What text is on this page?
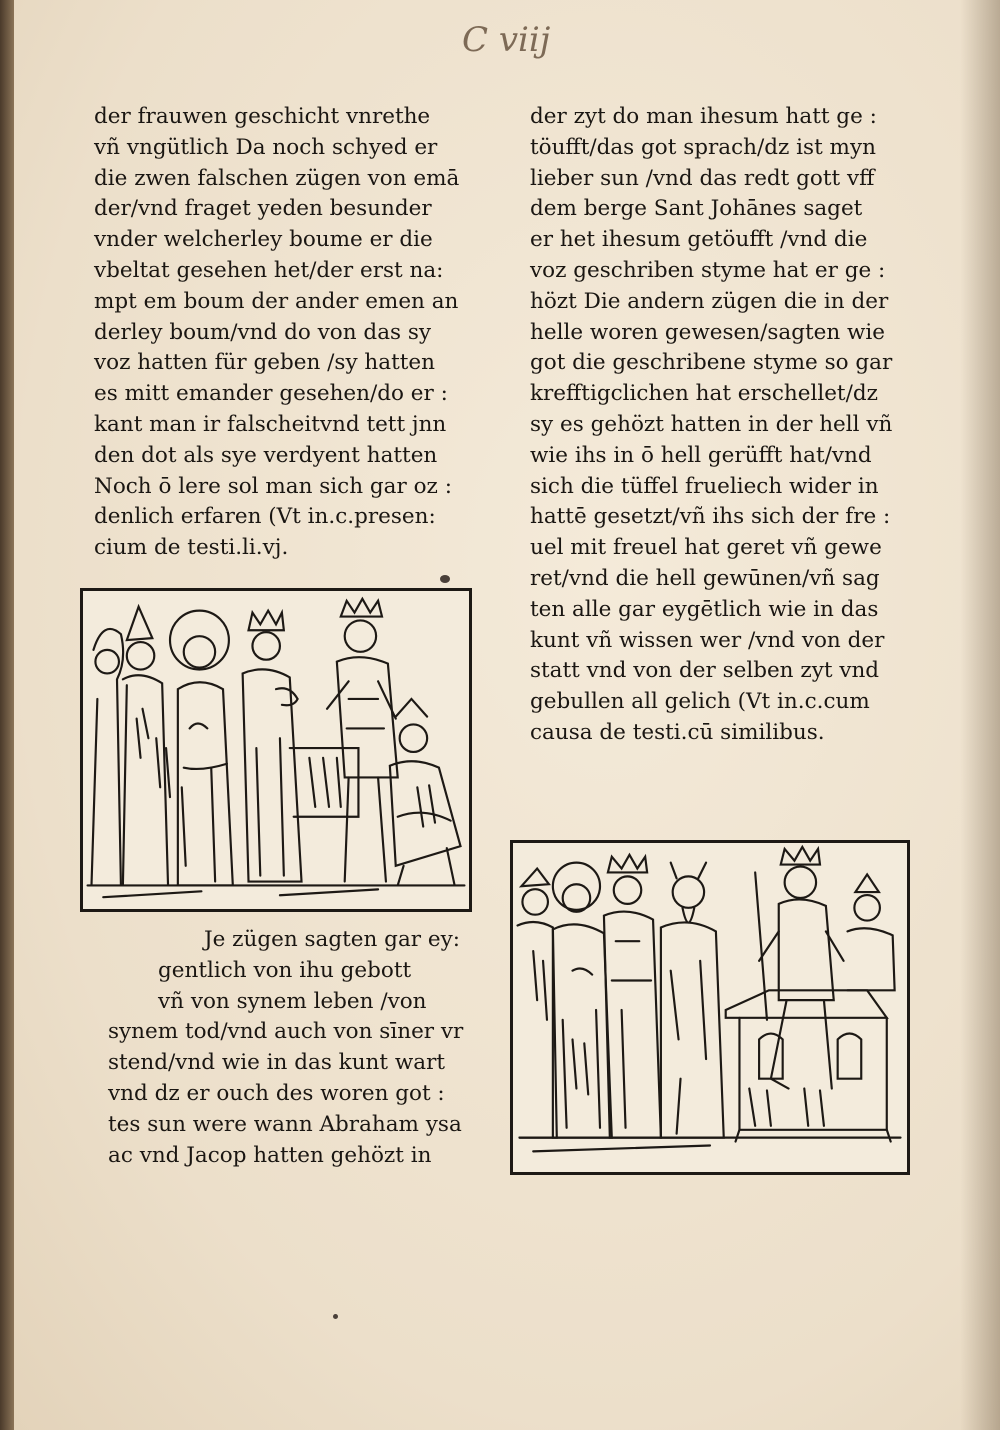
C viij
der frauwen geschicht vnrethe
vñ vngütlich Da noch schyed er
die zwen falschen zügen von emā
der/vnd fraget yeden besunder
vnder welcherley boume er die
vbeltat gesehen het/der erst na:
mpt em boum der ander emen an
derley boum/vnd do von das sy
voz hatten für geben /sy hatten
es mitt emander gesehen/do er :
kant man ir falscheitvnd tett jnn
den dot als sye verdyent hatten
Noch ō lere sol man sich gar oz :
denlich erfaren (Vt in.c.presen:
cium de testi.li.vj.
der zyt do man ihesum hatt ge :
töufft/das got sprach/dz ist myn
lieber sun /vnd das redt gott vff
dem berge Sant Johānes saget
er het ihesum getöufft /vnd die
voz geschriben styme hat er ge :
hözt Die andern zügen die in der
helle woren gewesen/sagten wie
got die geschribene styme so gar
krefftigclichen hat erschellet/dz
sy es gehözt hatten in der hell vñ
wie ihs in ō hell gerüfft hat/vnd
sich die tüffel frueliech wider in
hattē gesetzt/vñ ihs sich der fre :
uel mit freuel hat geret vñ gewe
ret/vnd die hell gewūnen/vñ sag
ten alle gar eygētlich wie in das
kunt vñ wissen wer /vnd von der
statt vnd von der selben zyt vnd
gebullen all gelich (Vt in.c.cum
causa de testi.cū similibus.
Je zügen sagten gar ey:
gentlich von ihu gebott
vñ von synem leben /von
synem tod/vnd auch von sīner vr
stend/vnd wie in das kunt wart
vnd dz er ouch des woren got :
tes sun were wann Abraham ysa
ac vnd Jacop hatten gehözt in
